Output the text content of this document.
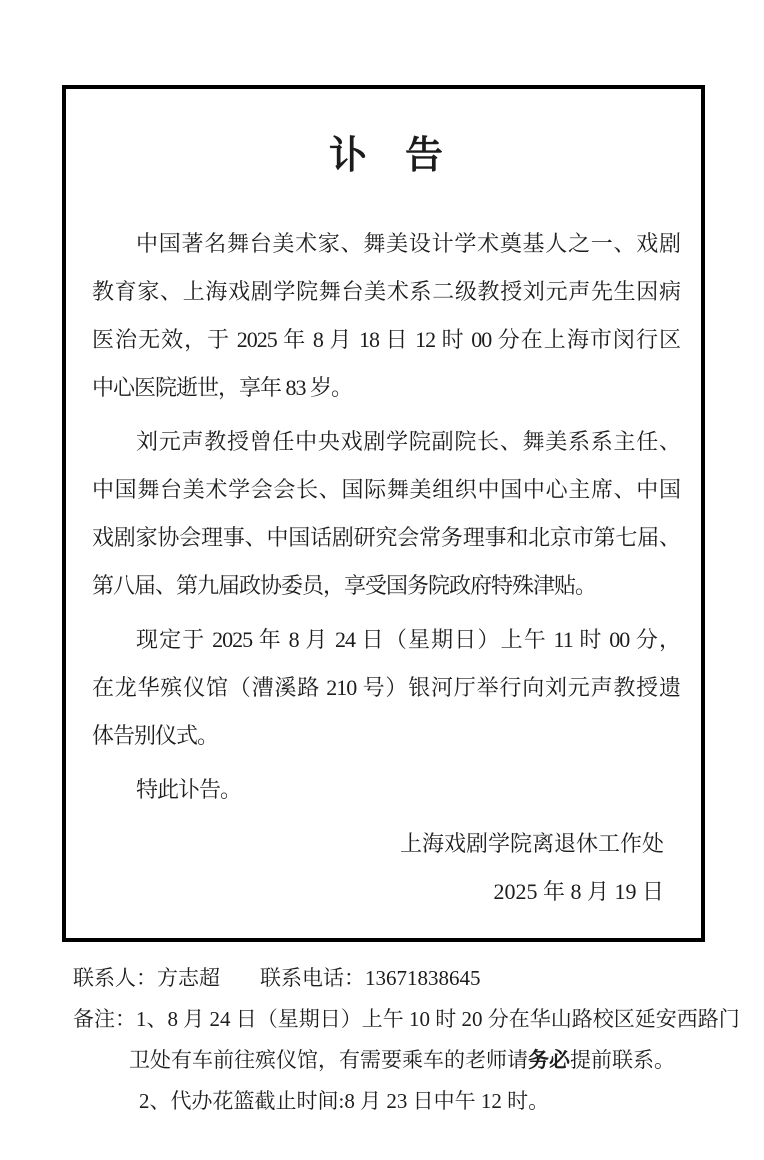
讣　告
中国著名舞台美术家、舞美设计学术奠基人之一、戏剧
教育家、上海戏剧学院舞台美术系二级教授刘元声先生因病
医治无效，于 2025 年 8 月 18 日 12 时 00 分在上海市闵行区
中心医院逝世，享年 83 岁。
刘元声教授曾任中央戏剧学院副院长、舞美系系主任、
中国舞台美术学会会长、国际舞美组织中国中心主席、中国
戏剧家协会理事、中国话剧研究会常务理事和北京市第七届、
第八届、第九届政协委员，享受国务院政府特殊津贴。
现定于 2025 年 8 月 24 日（星期日）上午 11 时 00 分，
在龙华殡仪馆（漕溪路 210 号）银河厅举行向刘元声教授遗
体告别仪式。
特此讣告。
上海戏剧学院离退休工作处
2025 年 8 月 19 日
联系人：方志超 联系电话：13671838645
备注：1、8 月 24 日（星期日）上午 10 时 20 分在华山路校区延安西路门
卫处有车前往殡仪馆，有需要乘车的老师请务必提前联系。
2、代办花篮截止时间:8 月 23 日中午 12 时。
